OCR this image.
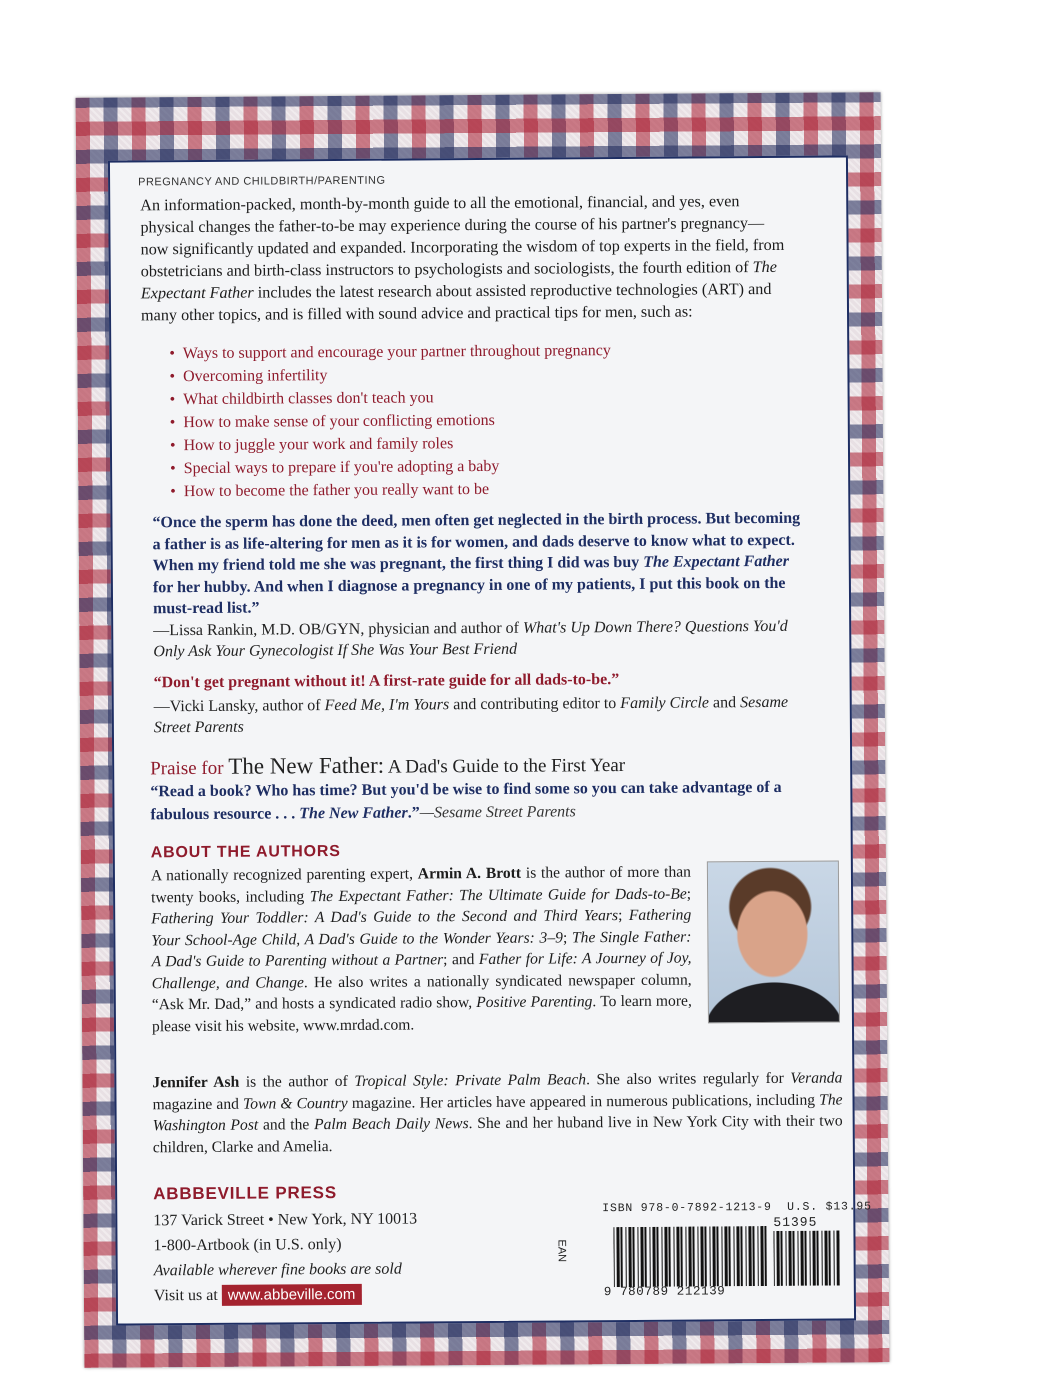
PREGNANCY AND CHILDBIRTH/PARENTING
An information-packed, month-by-month guide to all the emotional, financial, and yes, even physical changes the father-to-be may experience during the course of his partner's pregnancy—now significantly updated and expanded. Incorporating the wisdom of top experts in the field, from obstetricians and birth-class instructors to psychologists and sociologists, the fourth edition of The Expectant Father includes the latest research about assisted reproductive technologies (ART) and many other topics, and is filled with sound advice and practical tips for men, such as:
• Ways to support and encourage your partner throughout pregnancy
• Overcoming infertility
• What childbirth classes don't teach you
• How to make sense of your conflicting emotions
• How to juggle your work and family roles
• Special ways to prepare if you're adopting a baby
• How to become the father you really want to be
“Once the sperm has done the deed, men often get neglected in the birth process. But becoming a father is as life-altering for men as it is for women, and dads deserve to know what to expect. When my friend told me she was pregnant, the first thing I did was buy The Expectant Father for her hubby. And when I diagnose a pregnancy in one of my patients, I put this book on the must-read list.”
—Lissa Rankin, M.D. OB/GYN, physician and author of What's Up Down There? Questions You'd Only Ask Your Gynecologist If She Was Your Best Friend
“Don't get pregnant without it! A first-rate guide for all dads-to-be.”
—Vicki Lansky, author of Feed Me, I'm Yours and contributing editor to Family Circle and Sesame Street Parents
Praise for The New Father: A Dad's Guide to the First Year
“Read a book? Who has time? But you'd be wise to find some so you can take advantage of a fabulous resource . . . The New Father.”—Sesame Street Parents
ABOUT THE AUTHORS
A nationally recognized parenting expert, Armin A. Brott is the author of more than twenty books, including The Expectant Father: The Ultimate Guide for Dads-to-Be; Fathering Your Toddler: A Dad's Guide to the Second and Third Years; Fathering Your School-Age Child, A Dad's Guide to the Wonder Years: 3–9; The Single Father: A Dad's Guide to Parenting without a Partner; and Father for Life: A Journey of Joy, Challenge, and Change. He also writes a nationally syndicated newspaper column, “Ask Mr. Dad,” and hosts a syndicated radio show, Positive Parenting. To learn more, please visit his website, www.mrdad.com.
Jennifer Ash is the author of Tropical Style: Private Palm Beach. She also writes regularly for Veranda magazine and Town & Country magazine. Her articles have appeared in numerous publications, including The Washington Post and the Palm Beach Daily News. She and her huband live in New York City with their two children, Clarke and Amelia.
ABBBEVILLE PRESS
137 Varick Street • New York, NY 10013
1-800-Artbook (in U.S. only)
Available wherever fine books are sold
Visit us at www.abbeville.com
ISBN 978-0-7892-1213-9 U.S. $13.95
51395
EAN
9 780789 212139
